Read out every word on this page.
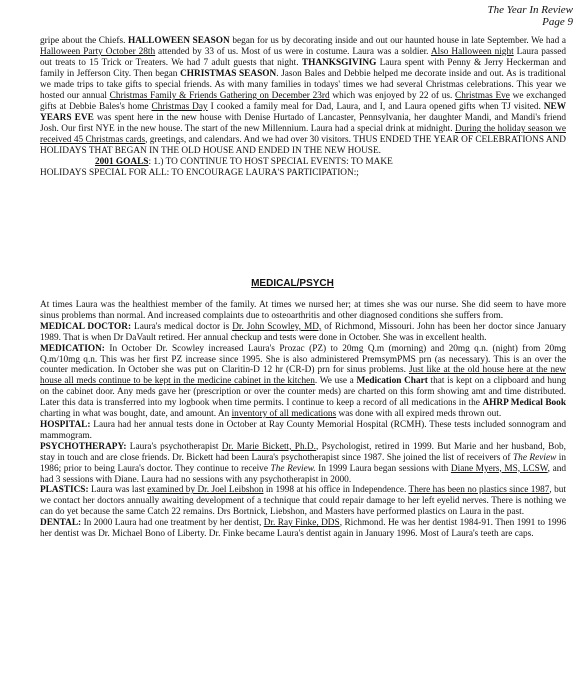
The Year In Review
Page 9
gripe about the Chiefs. HALLOWEEN SEASON began for us by decorating inside and out our haunted house in late September. We had a Halloween Party October 28th attended by 33 of us. Most of us were in costume. Laura was a soldier. Also Halloween night Laura passed out treats to 15 Trick or Treaters. We had 7 adult guests that night. THANKSGIVING Laura spent with Penny & Jerry Heckerman and family in Jefferson City. Then began CHRISTMAS SEASON. Jason Bales and Debbie helped me decorate inside and out. As is traditional we made trips to take gifts to special friends. As with many families in todays' times we had several Christmas celebrations. This year we hosted our annual Christmas Family & Friends Gathering on December 23rd which was enjoyed by 22 of us. Christmas Eve we exchanged gifts at Debbie Bales's home Christmas Day I cooked a family meal for Dad, Laura, and I, and Laura opened gifts when TJ visited. NEW YEARS EVE was spent here in the new house with Denise Hurtado of Lancaster, Pennsylvania, her daughter Mandi, and Mandi's friend Josh. Our first NYE in the new house. The start of the new Millennium. Laura had a special drink at midnight. During the holiday season we received 45 Christmas cards, greetings, and calendars. And we had over 30 visitors. THUS ENDED THE YEAR OF CELEBRATIONS AND HOLIDAYS THAT BEGAN IN THE OLD HOUSE AND ENDED IN THE NEW HOUSE.
2001 GOALS: 1.) TO CONTINUE TO HOST SPECIAL EVENTS: TO MAKE
HOLIDAYS SPECIAL FOR ALL: TO ENCOURAGE LAURA'S PARTICIPATION:;
MEDICAL/PSYCH

At times Laura was the healthiest member of the family. At times we nursed her; at times she was our nurse. She did seem to have more sinus problems than normal. And increased complaints due to osteoarthritis and other diagnosed conditions she suffers from.

MEDICAL DOCTOR: Laura's medical doctor is Dr. John Scowley, MD, of Richmond, Missouri. John has been her doctor since January 1989. That is when Dr DaVault retired. Her annual checkup and tests were done in October. She was in excellent health.

MEDICATION: In October Dr. Scowley increased Laura's Prozac (PZ) to 20mg Q.m (morning) and 20mg q.n. (night) from 20mg Q.m/10mg q.n. This was her first PZ increase since 1995. She is also administered PremsymPMS prn (as necessary). This is an over the counter medication. In October she was put on Claritin-D 12 hr (CR-D) prn for sinus problems. Just like at the old house here at the new house all meds continue to be kept in the medicine cabinet in the kitchen. We use a Medication Chart that is kept on a clipboard and hung on the cabinet door. Any meds gave her (prescription or over the counter meds) are charted on this form showing amt and time distributed. Later this data is transferred into my logbook when time permits. I continue to keep a record of all medications in the AHRP Medical Book charting in what was bought, date, and amount. An inventory of all medications was done with all expired meds thrown out.

HOSPITAL: Laura had her annual tests done in October at Ray County Memorial Hospital (RCMH). These tests included sonnogram and mammogram.

PSYCHOTHERAPY: Laura's psychotherapist Dr. Marie Bickett, Ph.D., Psychologist, retired in 1999. But Marie and her husband, Bob, stay in touch and are close friends. Dr. Bickett had been Laura's psychotherapist since 1987. She joined the list of receivers of The Review in 1986; prior to being Laura's doctor. They continue to receive The Review. In 1999 Laura began sessions with Diane Myers, MS, LCSW, and had 3 sessions with Diane. Laura had no sessions with any psychotherapist in 2000.

PLASTICS: Laura was last examined by Dr. Joel Leibshon in 1998 at his office in Independence. There has been no plastics since 1987, but we contact her doctors annually awaiting development of a technique that could repair damage to her left eyelid nerves. There is nothing we can do yet because the same Catch 22 remains. Drs Bortnick, Liebshon, and Masters have performed plastics on Laura in the past.

DENTAL: In 2000 Laura had one treatment by her dentist, Dr. Ray Finke, DDS, Richmond. He was her dentist 1984-91. Then 1991 to 1996 her dentist was Dr. Michael Bono of Liberty. Dr. Finke became Laura's dentist again in January 1996. Most of Laura's teeth are caps.
